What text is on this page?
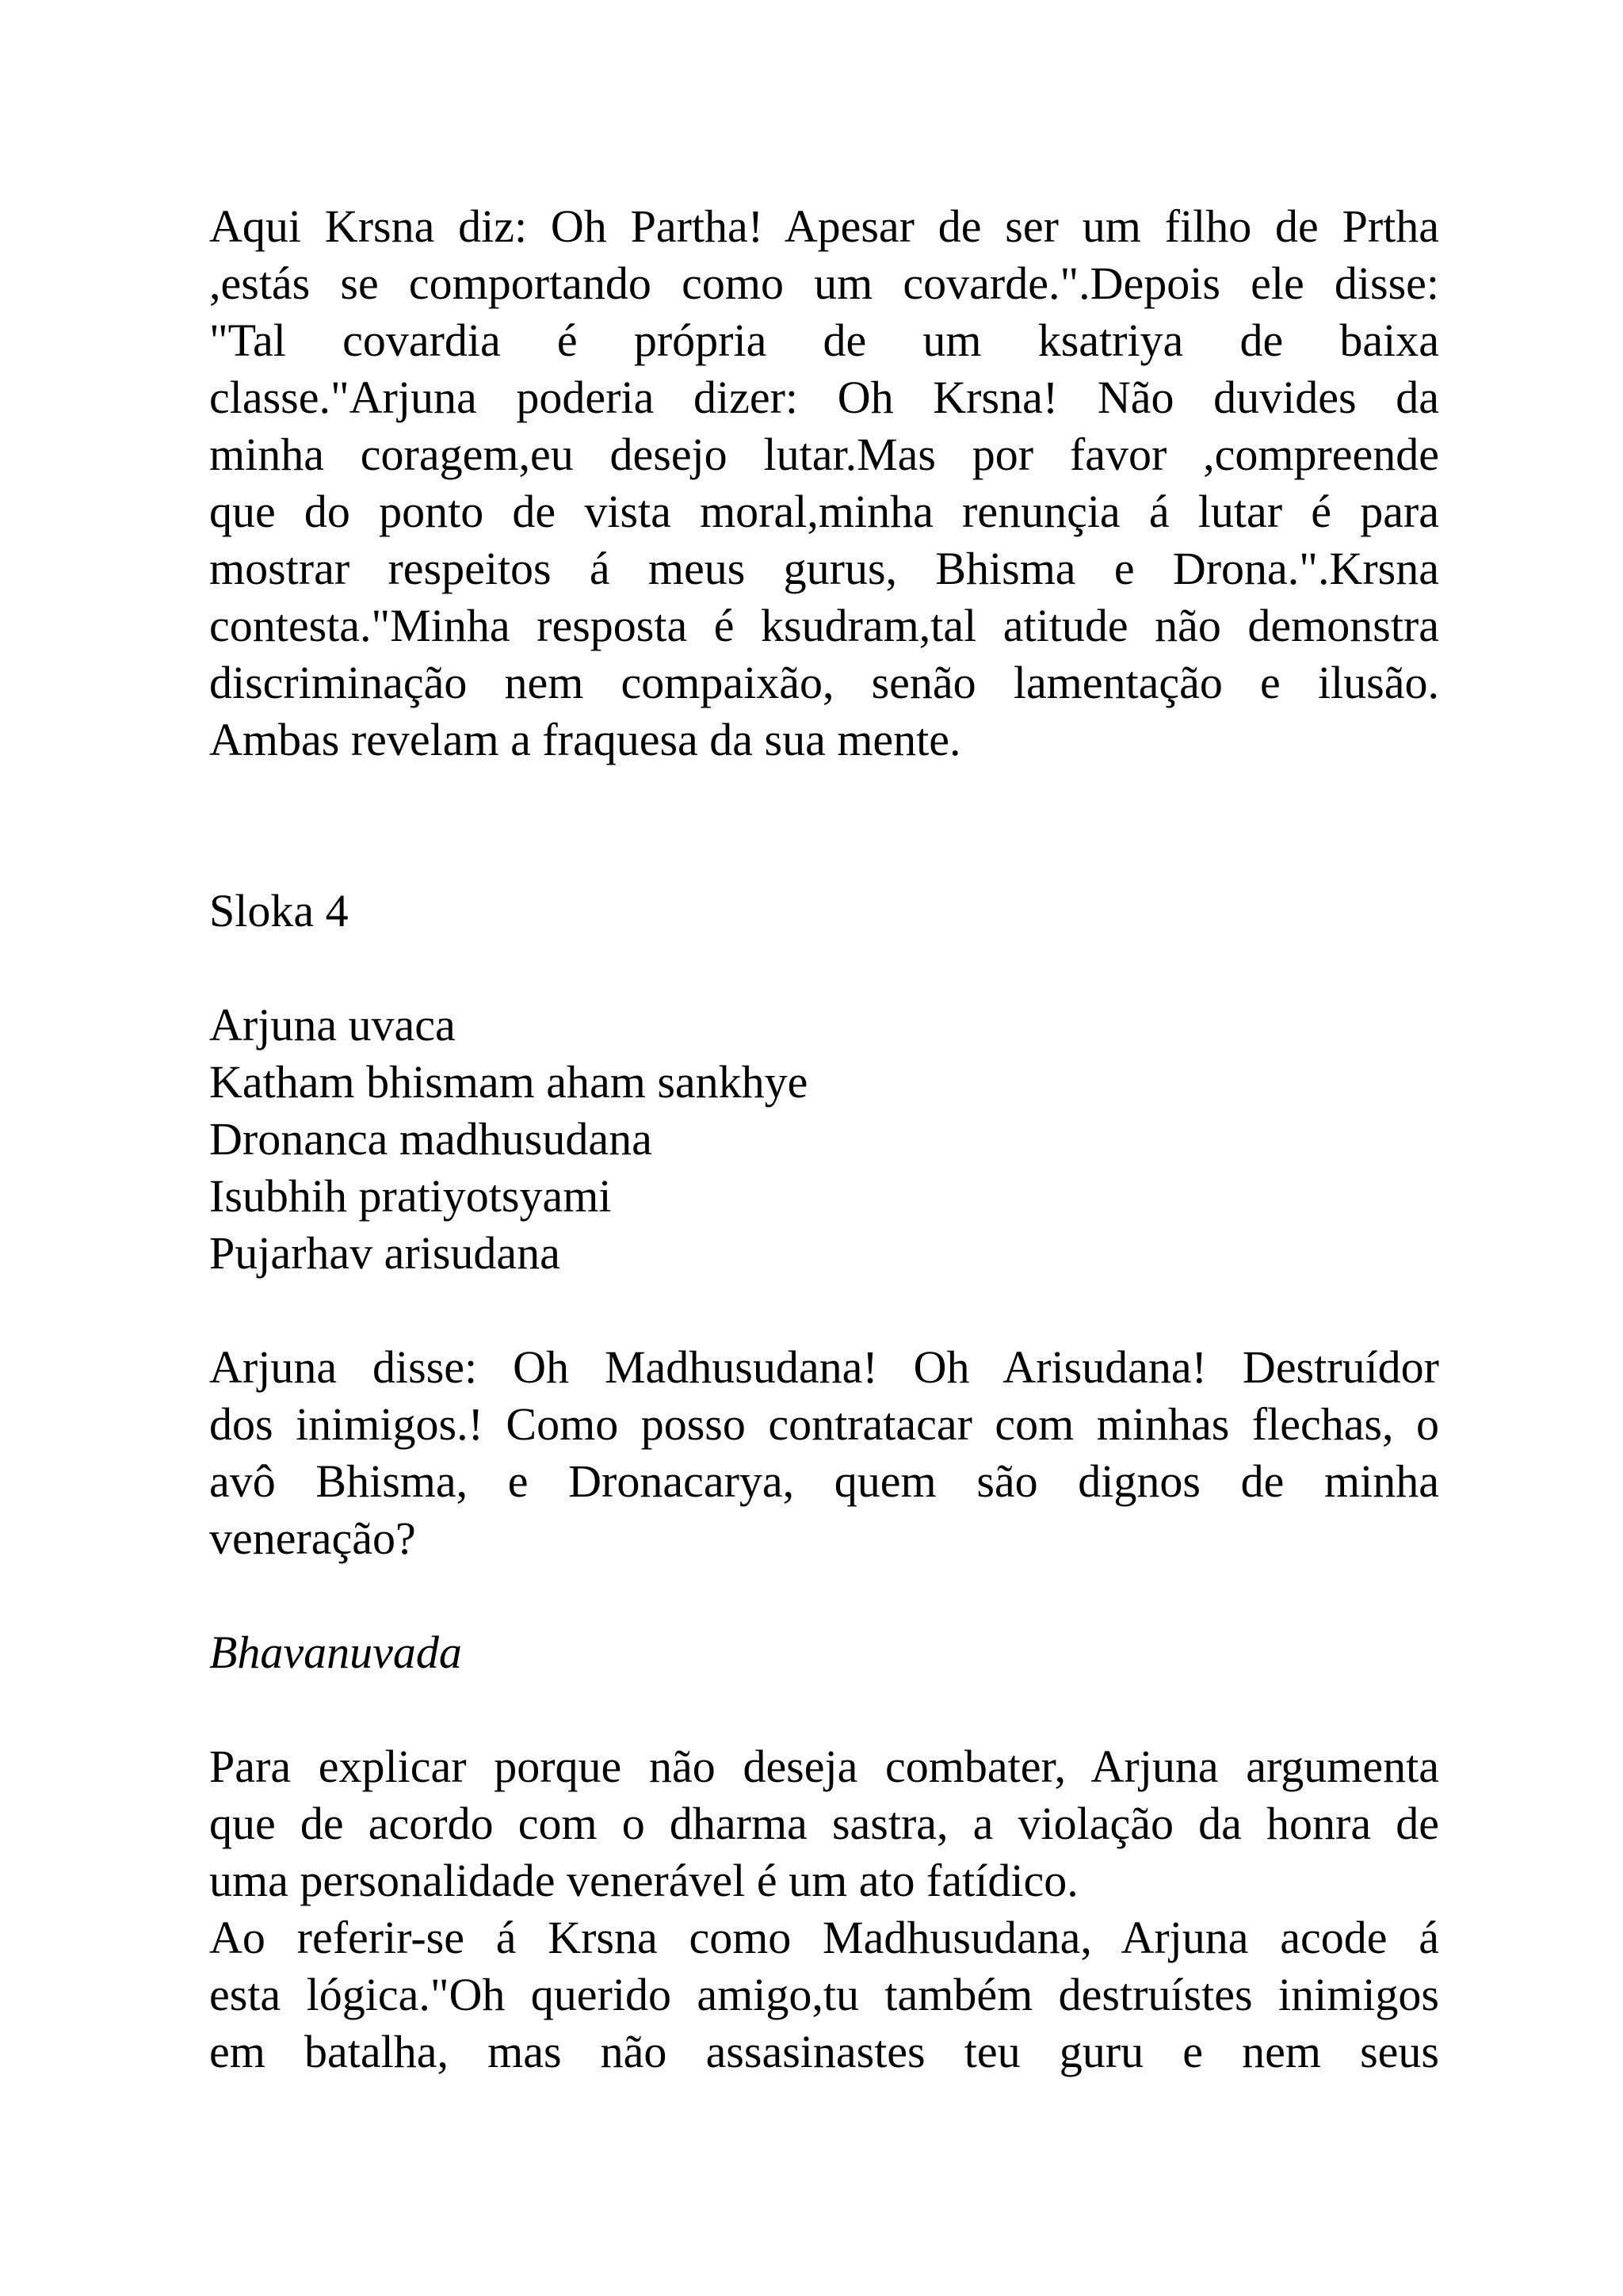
Aqui Krsna diz: Oh Partha! Apesar de ser um filho de Prtha
,estás se comportando como um covarde.".Depois ele disse:
"Tal covardia é própria de um ksatriya de baixa
classe."Arjuna poderia dizer: Oh Krsna! Não duvides da
minha coragem,eu desejo lutar.Mas por favor ,compreende
que do ponto de vista moral,minha renunçia á lutar é para
mostrar respeitos á meus gurus, Bhisma e Drona.".Krsna
contesta."Minha resposta é ksudram,tal atitude não demonstra
discriminação nem compaixão, senão lamentação e ilusão.
Ambas revelam a fraquesa da sua mente.

Sloka 4

Arjuna uvaca
Katham bhismam aham sankhye
Dronanca madhusudana
Isubhih pratiyotsyami
Pujarhav arisudana
Arjuna disse: Oh Madhusudana! Oh Arisudana! Destruídor
dos inimigos.! Como posso contratacar com minhas flechas, o
avô Bhisma, e Dronacarya, quem são dignos de minha
veneração?

Bhavanuvada

Para explicar porque não deseja combater, Arjuna argumenta
que de acordo com o dharma sastra, a violação da honra de
uma personalidade venerável é um ato fatídico.
Ao referir-se á Krsna como Madhusudana, Arjuna acode á
esta lógica."Oh querido amigo,tu também destruístes inimigos
em batalha, mas não assasinastes teu guru e nem seus
